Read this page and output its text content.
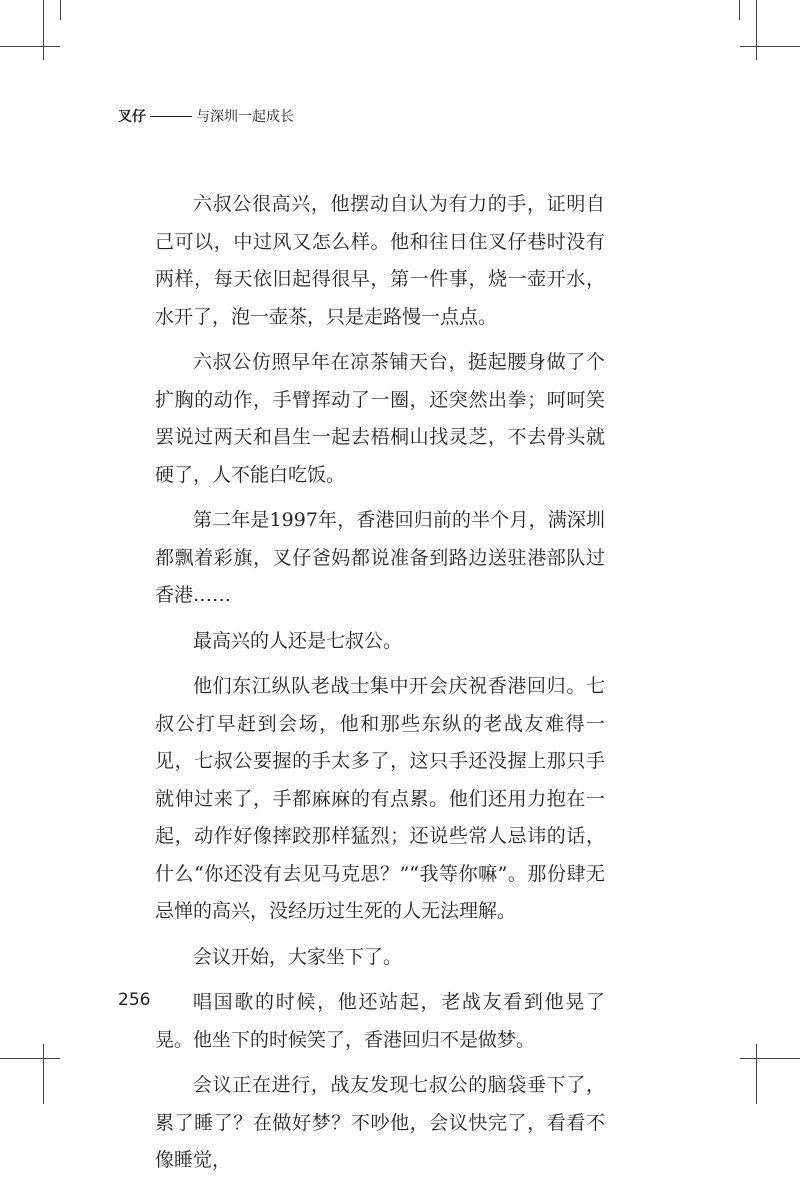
叉仔	与深圳一起成长

六叔公很高兴，他摆动自认为有力的手，证明自己可以，中过风又怎么样。他和往日住叉仔巷时没有两样，每天依旧起得很早，第一件事，烧一壶开水，水开了，泡一壶茶，只是走路慢一点点。

六叔公仿照早年在凉茶铺天台，挺起腰身做了个扩胸的动作，手臂挥动了一圈，还突然出拳；呵呵笑罢说过两天和昌生一起去梧桐山找灵芝，不去骨头就硬了，人不能白吃饭。

第二年是1997年，香港回归前的半个月，满深圳都飘着彩旗，叉仔爸妈都说准备到路边送驻港部队过香港……

最高兴的人还是七叔公。

他们东江纵队老战士集中开会庆祝香港回归。七叔公打早赶到会场，他和那些东纵的老战友难得一见，七叔公要握的手太多了，这只手还没握上那只手就伸过来了，手都麻麻的有点累。他们还用力抱在一起，动作好像摔跤那样猛烈；还说些常人忌讳的话，什么“你还没有去见马克思？”“我等你嘛”。那份肆无忌惮的高兴，没经历过生死的人无法理解。

会议开始，大家坐下了。

唱国歌的时候，他还站起，老战友看到他晃了晃。他坐下的时候笑了，香港回归不是做梦。

会议正在进行，战友发现七叔公的脑袋垂下了，累了睡了？在做好梦？不吵他，会议快完了，看看不像睡觉，

256
